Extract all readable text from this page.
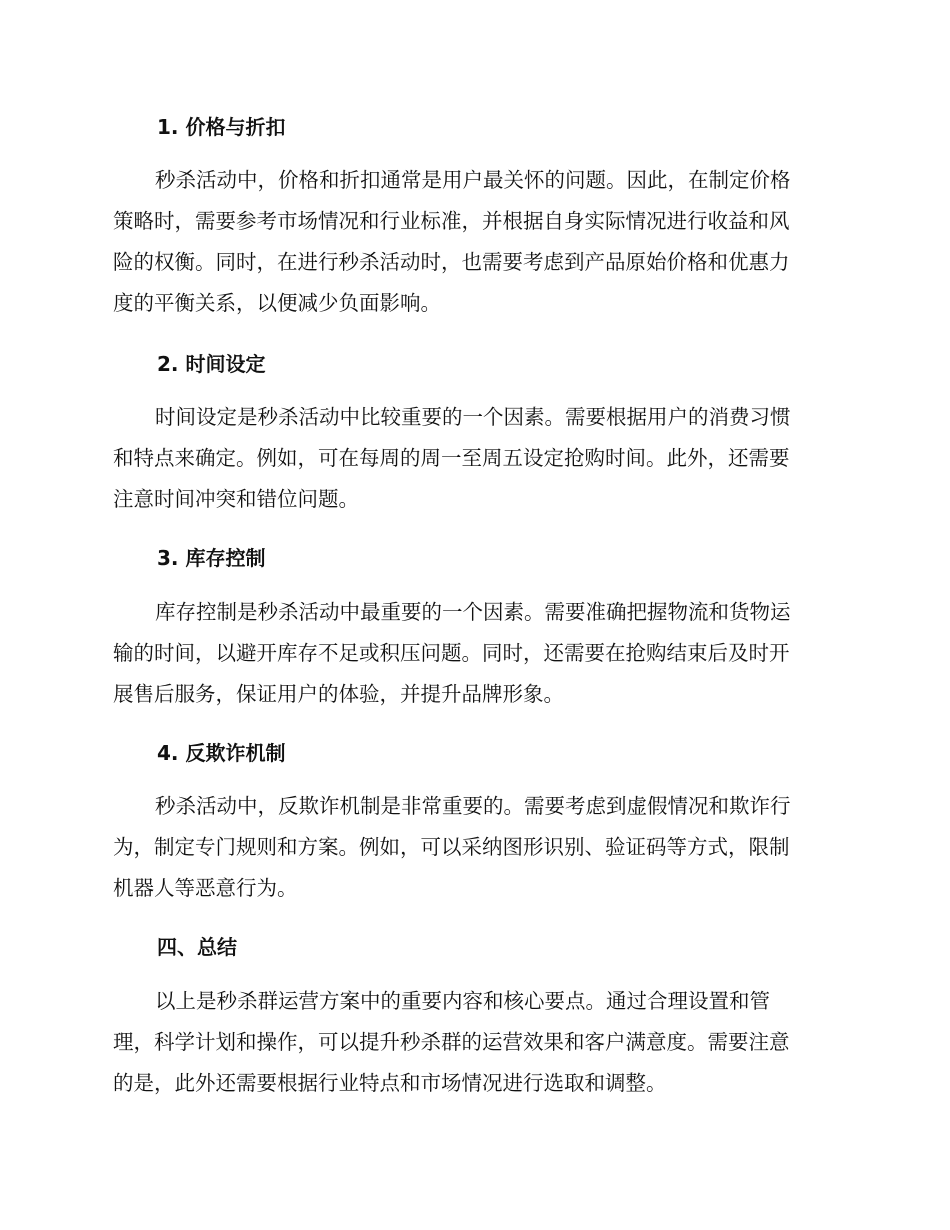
1. 价格与折扣
秒杀活动中，价格和折扣通常是用户最关怀的问题。因此，在制定价格
策略时，需要参考市场情况和行业标准，并根据自身实际情况进行收益和风
险的权衡。同时，在进行秒杀活动时，也需要考虑到产品原始价格和优惠力
度的平衡关系，以便减少负面影响。
2. 时间设定
时间设定是秒杀活动中比较重要的一个因素。需要根据用户的消费习惯
和特点来确定。例如，可在每周的周一至周五设定抢购时间。此外，还需要
注意时间冲突和错位问题。
3. 库存控制
库存控制是秒杀活动中最重要的一个因素。需要准确把握物流和货物运
输的时间，以避开库存不足或积压问题。同时，还需要在抢购结束后及时开
展售后服务，保证用户的体验，并提升品牌形象。
4. 反欺诈机制
秒杀活动中，反欺诈机制是非常重要的。需要考虑到虚假情况和欺诈行
为，制定专门规则和方案。例如，可以采纳图形识别、验证码等方式，限制
机器人等恶意行为。
四、总结
以上是秒杀群运营方案中的重要内容和核心要点。通过合理设置和管
理，科学计划和操作，可以提升秒杀群的运营效果和客户满意度。需要注意
的是，此外还需要根据行业特点和市场情况进行选取和调整。
